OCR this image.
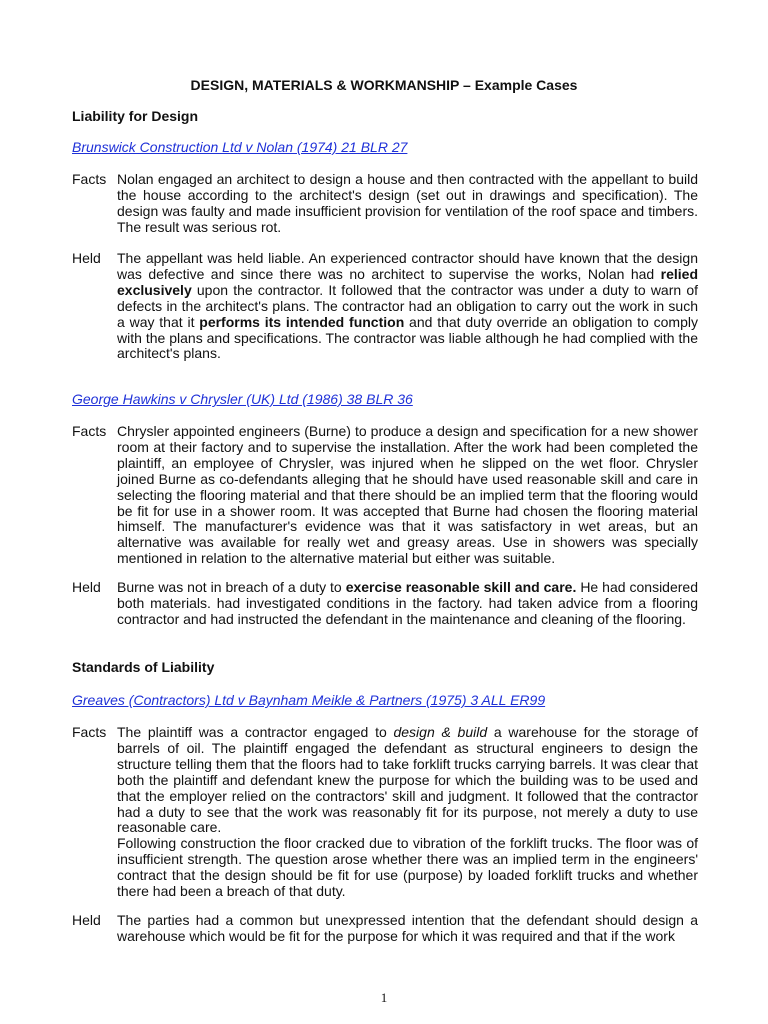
DESIGN, MATERIALS & WORKMANSHIP – Example Cases
Liability for Design
Brunswick Construction Ltd v Nolan (1974) 21 BLR 27
Facts Nolan engaged an architect to design a house and then contracted with the appellant to build the house according to the architect's design (set out in drawings and specification). The design was faulty and made insufficient provision for ventilation of the roof space and timbers. The result was serious rot.

Held	The appellant was held liable. An experienced contractor should have known that the design was defective and since there was no architect to supervise the works, Nolan had relied exclusively upon the contractor. It followed that the contractor was under a duty to warn of defects in the architect's plans. The contractor had an obligation to carry out the work in such a way that it performs its intended function and that duty override an obligation to comply with the plans and specifications. The contractor was liable although he had complied with the architect's plans.

George Hawkins v Chrysler (UK) Ltd (1986) 38 BLR 36
Facts Chrysler appointed engineers (Burne) to produce a design and specification for a new shower room at their factory and to supervise the installation. After the work had been completed the plaintiff, an employee of Chrysler, was injured when he slipped on the wet floor. Chrysler joined Burne as co-defendants alleging that he should have used reasonable skill and care in selecting the flooring material and that there should be an implied term that the flooring would be fit for use in a shower room. It was accepted that Burne had chosen the flooring material himself. The manufacturer's evidence was that it was satisfactory in wet areas, but an alternative was available for really wet and greasy areas. Use in showers was specially mentioned in relation to the alternative material but either was suitable.

Held	Burne was not in breach of a duty to exercise reasonable skill and care. He had considered both materials. had investigated conditions in the factory. had taken advice from a flooring contractor and had instructed the defendant in the maintenance and cleaning of the flooring.

Standards of Liability
Greaves (Contractors) Ltd v Baynham Meikle & Partners (1975) 3 ALL ER99
Facts The plaintiff was a contractor engaged to design & build a warehouse for the storage of barrels of oil. The plaintiff engaged the defendant as structural engineers to design the structure telling them that the floors had to take forklift trucks carrying barrels. It was clear that both the plaintiff and defendant knew the purpose for which the building was to be used and that the employer relied on the contractors' skill and judgment. It followed that the contractor had a duty to see that the work was reasonably fit for its purpose, not merely a duty to use reasonable care.

Following construction the floor cracked due to vibration of the forklift trucks. The floor was of insufficient strength. The question arose whether there was an implied term in the engineers' contract that the design should be fit for use (purpose) by loaded forklift trucks and whether there had been a breach of that duty.

Held	The parties had a common but unexpressed intention that the defendant should design a warehouse which would be fit for the purpose for which it was required and that if the work

1
